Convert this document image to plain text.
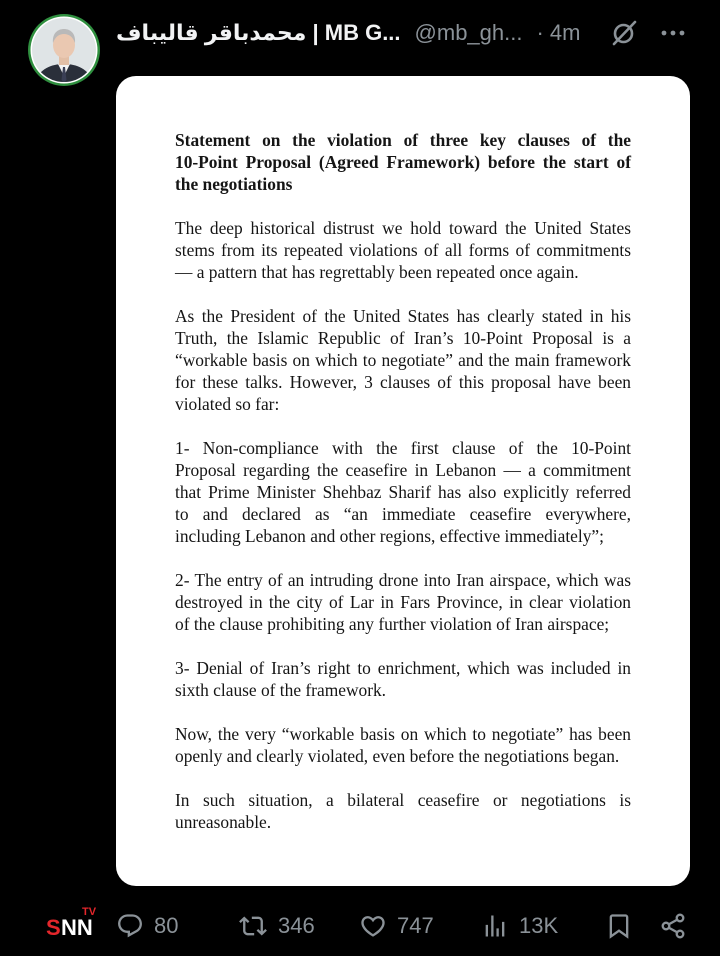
محمدباقر قالیباف | MB G... @mb_gh... · 4m
Statement on the violation of three key clauses of the
10-Point Proposal (Agreed Framework) before the start of
the negotiations
The deep historical distrust we hold toward the United States
stems from its repeated violations of all forms of commitments
— a pattern that has regrettably been repeated once again.
As the President of the United States has clearly stated in his
Truth, the Islamic Republic of Iran’s 10-Point Proposal is a
“workable basis on which to negotiate” and the main framework
for these talks. However, 3 clauses of this proposal have been
violated so far:
1- Non-compliance with the first clause of the 10-Point
Proposal regarding the ceasefire in Lebanon — a commitment
that Prime Minister Shehbaz Sharif has also explicitly referred
to and declared as “an immediate ceasefire everywhere,
including Lebanon and other regions, effective immediately”;
2- The entry of an intruding drone into Iran airspace, which was
destroyed in the city of Lar in Fars Province, in clear violation
of the clause prohibiting any further violation of Iran airspace;
3- Denial of Iran’s right to enrichment, which was included in
sixth clause of the framework.
Now, the very “workable basis on which to negotiate” has been
openly and clearly violated, even before the negotiations began.
In such situation, a bilateral ceasefire or negotiations is
unreasonable.
S NN
TV
80	346	747	13K
